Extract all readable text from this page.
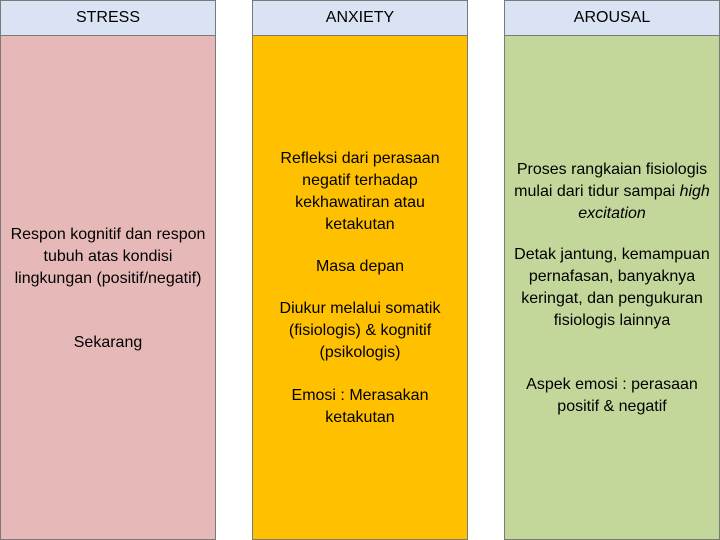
STRESS
Respon kognitif dan respon tubuh atas kondisi lingkungan (positif/negatif)
Sekarang
ANXIETY
Refleksi dari perasaan negatif terhadap kekhawatiran atau ketakutan
Masa depan
Diukur melalui somatik (fisiologis) & kognitif (psikologis)
Emosi : Merasakan ketakutan
AROUSAL
Proses rangkaian fisiologis mulai dari tidur sampai high excitation
Detak jantung, kemampuan pernafasan, banyaknya keringat, dan pengukuran fisiologis lainnya
Aspek emosi : perasaan positif & negatif
